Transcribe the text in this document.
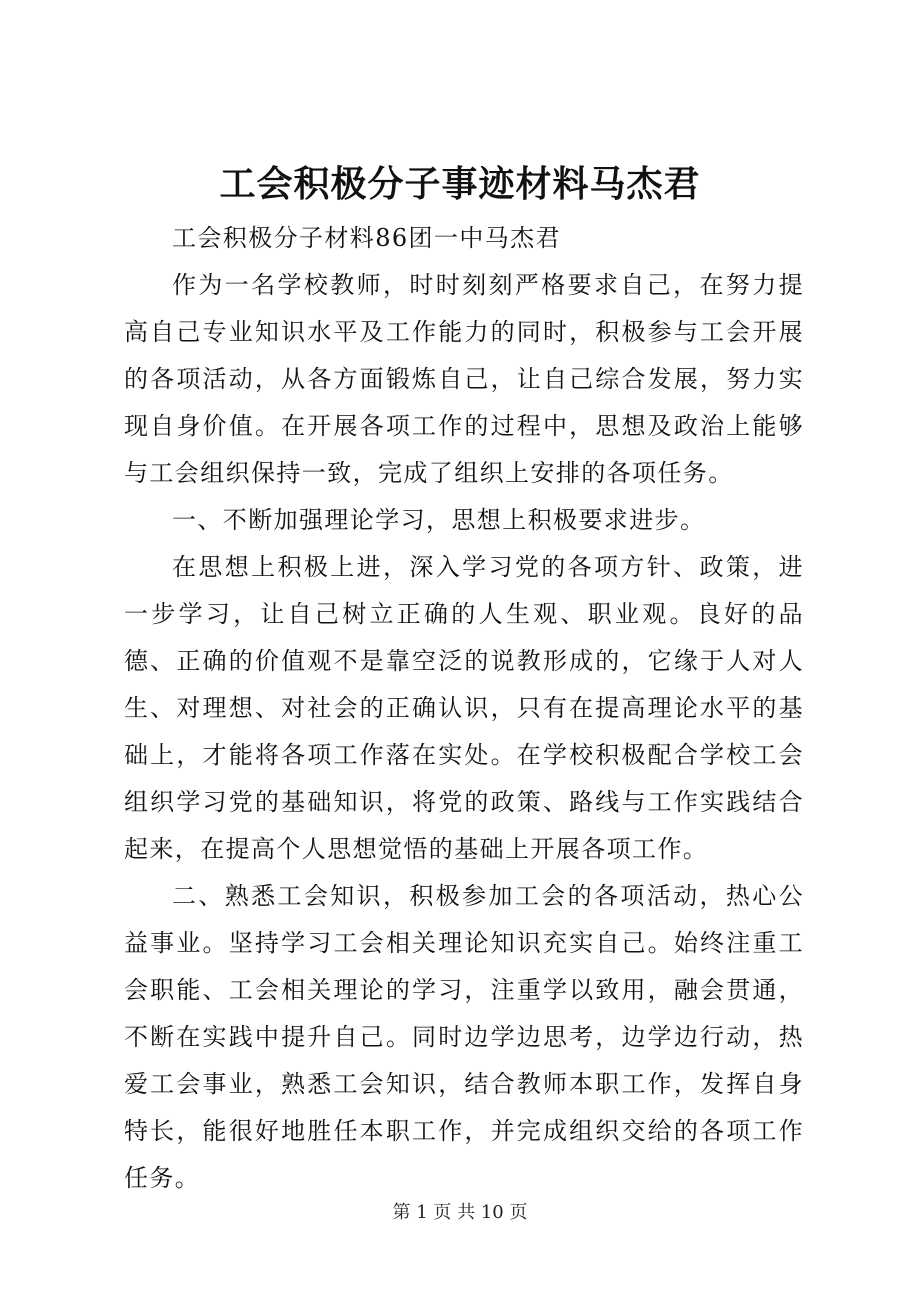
工会积极分子事迹材料马杰君

工会积极分子材料86团一中马杰君

作为一名学校教师，时时刻刻严格要求自己，在努力提高自己专业知识水平及工作能力的同时，积极参与工会开展的各项活动，从各方面锻炼自己，让自己综合发展，努力实现自身价值。在开展各项工作的过程中，思想及政治上能够与工会组织保持一致，完成了组织上安排的各项任务。

一、不断加强理论学习，思想上积极要求进步。

在思想上积极上进，深入学习党的各项方针、政策，进一步学习，让自己树立正确的人生观、职业观。良好的品德、正确的价值观不是靠空泛的说教形成的，它缘于人对人生、对理想、对社会的正确认识，只有在提高理论水平的基础上，才能将各项工作落在实处。在学校积极配合学校工会组织学习党的基础知识，将党的政策、路线与工作实践结合起来，在提高个人思想觉悟的基础上开展各项工作。

二、熟悉工会知识，积极参加工会的各项活动，热心公益事业。坚持学习工会相关理论知识充实自己。始终注重工会职能、工会相关理论的学习，注重学以致用，融会贯通，不断在实践中提升自己。同时边学边思考，边学边行动，热爱工会事业，熟悉工会知识，结合教师本职工作，发挥自身特长，能很好地胜任本职工作，并完成组织交给的各项工作任务。

第 1 页 共 10 页
